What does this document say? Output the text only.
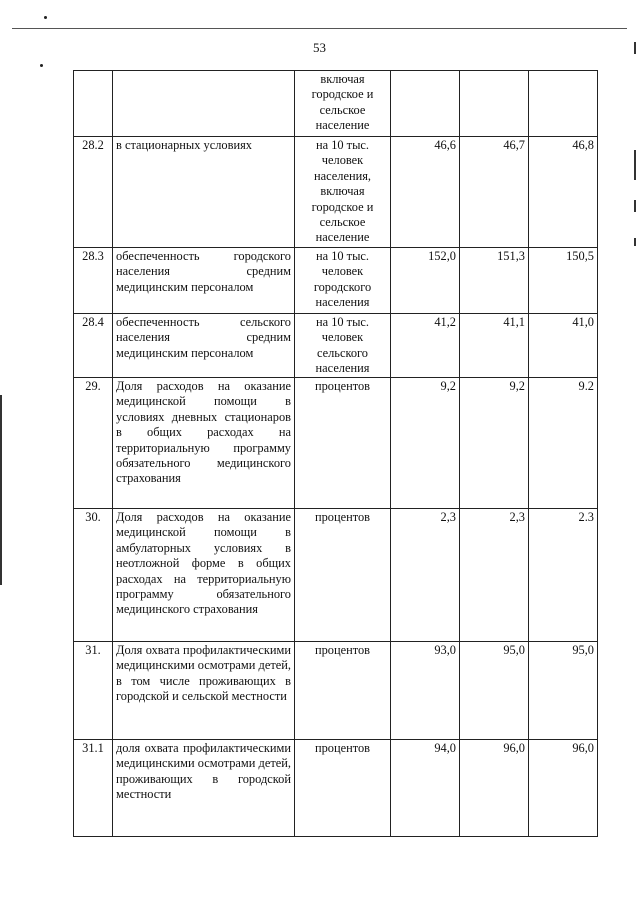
53
		включая городское и сельское население			
28.2	в стационарных условиях	на 10 тыс. человек населения, включая городское и сельское население	46,6	46,7	46,8
28.3	обеспеченность городского населения средним медицинским персоналом	на 10 тыс. человек городского населения	152,0	151,3	150,5
28.4	обеспеченность сельского населения средним медицинским персоналом	на 10 тыс. человек сельского населения	41,2	41,1	41,0
29.	Доля расходов на оказание медицинской помощи в условиях дневных стационаров в общих расходах на территориальную программу обязательного медицинского страхования	процентов	9,2	9,2	9.2
30.	Доля расходов на оказание медицинской помощи в амбулаторных условиях в неотложной форме в общих расходах на территориальную программу обязательного медицинского страхования	процентов	2,3	2,3	2.3
31.	Доля охвата профилактическими медицинскими осмотрами детей, в том числе проживающих в городской и сельской местности	процентов	93,0	95,0	95,0
31.1	доля охвата профилактическими медицинскими осмотрами детей, проживающих в городской местности	процентов	94,0	96,0	96,0
